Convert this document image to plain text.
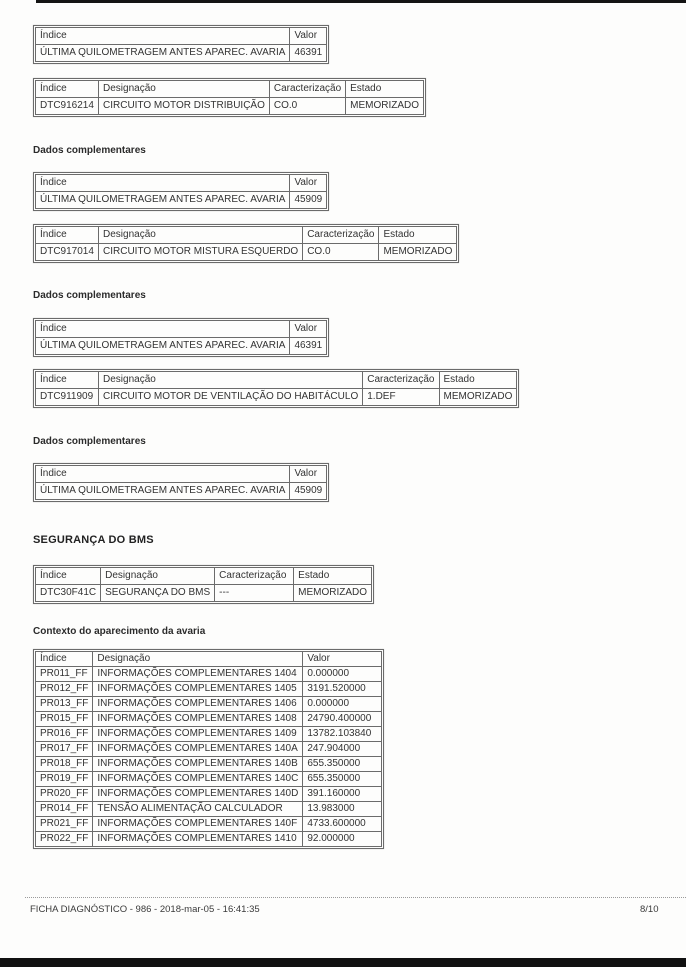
Índice	Valor
ÚLTIMA QUILOMETRAGEM ANTES APAREC. AVARIA	46391
Índice	Designação	Caracterização	Estado
DTC916214	CIRCUITO MOTOR DISTRIBUIÇÃO	CO.0	MEMORIZADO
Dados complementares
Índice	Valor
ÚLTIMA QUILOMETRAGEM ANTES APAREC. AVARIA	45909
Índice	Designação	Caracterização	Estado
DTC917014	CIRCUITO MOTOR MISTURA ESQUERDO	CO.0	MEMORIZADO
Dados complementares
Índice	Valor
ÚLTIMA QUILOMETRAGEM ANTES APAREC. AVARIA	46391
Índice	Designação	Caracterização	Estado
DTC911909	CIRCUITO MOTOR DE VENTILAÇÃO DO HABITÁCULO	1.DEF	MEMORIZADO
Dados complementares
Índice	Valor
ÚLTIMA QUILOMETRAGEM ANTES APAREC. AVARIA	45909
SEGURANÇA DO BMS
Índice	Designação	Caracterização	Estado
DTC30F41C	SEGURANÇA DO BMS	---	MEMORIZADO
Contexto do aparecimento da avaria
Índice	Designação	Valor
PR011_FF	INFORMAÇÕES COMPLEMENTARES 1404	0.000000
PR012_FF	INFORMAÇÕES COMPLEMENTARES 1405	3191.520000
PR013_FF	INFORMAÇÕES COMPLEMENTARES 1406	0.000000
PR015_FF	INFORMAÇÕES COMPLEMENTARES 1408	24790.400000
PR016_FF	INFORMAÇÕES COMPLEMENTARES 1409	13782.103840
PR017_FF	INFORMAÇÕES COMPLEMENTARES 140A	247.904000
PR018_FF	INFORMAÇÕES COMPLEMENTARES 140B	655.350000
PR019_FF	INFORMAÇÕES COMPLEMENTARES 140C	655.350000
PR020_FF	INFORMAÇÕES COMPLEMENTARES 140D	391.160000
PR014_FF	TENSÃO ALIMENTAÇÃO CALCULADOR	13.983000
PR021_FF	INFORMAÇÕES COMPLEMENTARES 140F	4733.600000
PR022_FF	INFORMAÇÕES COMPLEMENTARES 1410	92.000000
FICHA DIAGNÓSTICO - 986 - 2018-mar-05 - 16:41:35	8/10
